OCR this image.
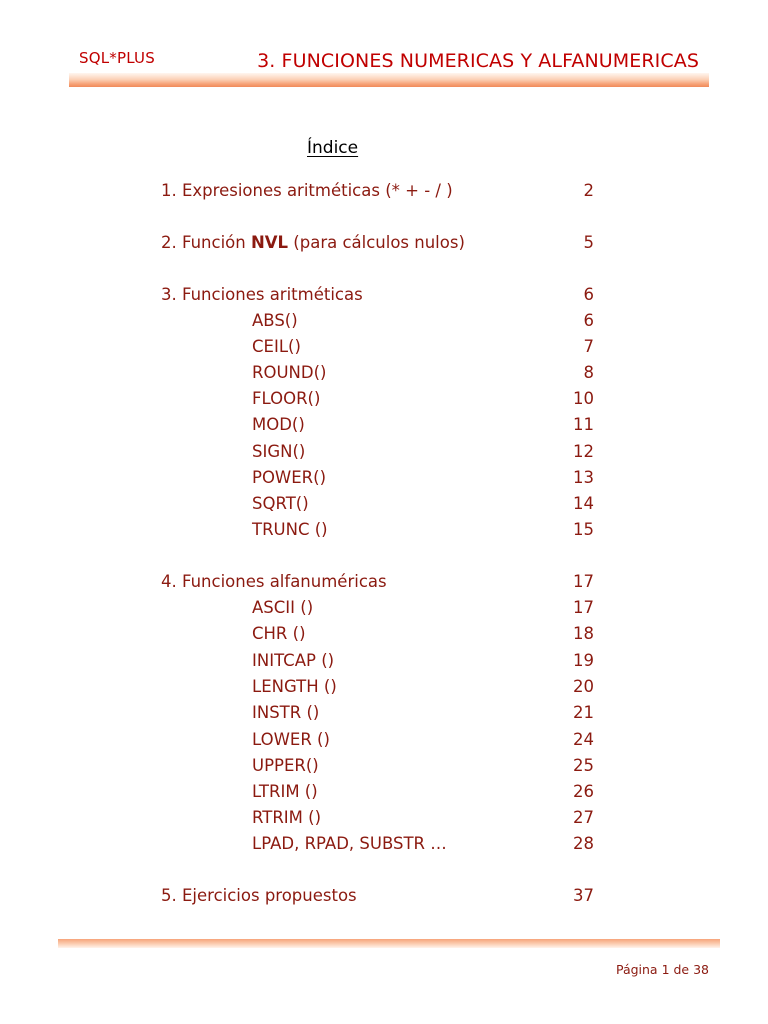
SQL*PLUS	3. FUNCIONES NUMERICAS Y ALFANUMERICAS
Índice
1. Expresiones aritméticas (* + - / )	2
2. Función NVL (para cálculos nulos)	5
3. Funciones aritméticas	6
ABS()	6
CEIL()	7
ROUND()	8
FLOOR()	10
MOD()	11
SIGN()	12
POWER()	13
SQRT()	14
TRUNC ()	15
4. Funciones alfanuméricas	17
ASCII ()	17
CHR ()	18
INITCAP ()	19
LENGTH ()	20
INSTR ()	21
LOWER ()	24
UPPER()	25
LTRIM ()	26
RTRIM ()	27
LPAD, RPAD, SUBSTR …	28
5. Ejercicios propuestos	37
Página 1 de 38
